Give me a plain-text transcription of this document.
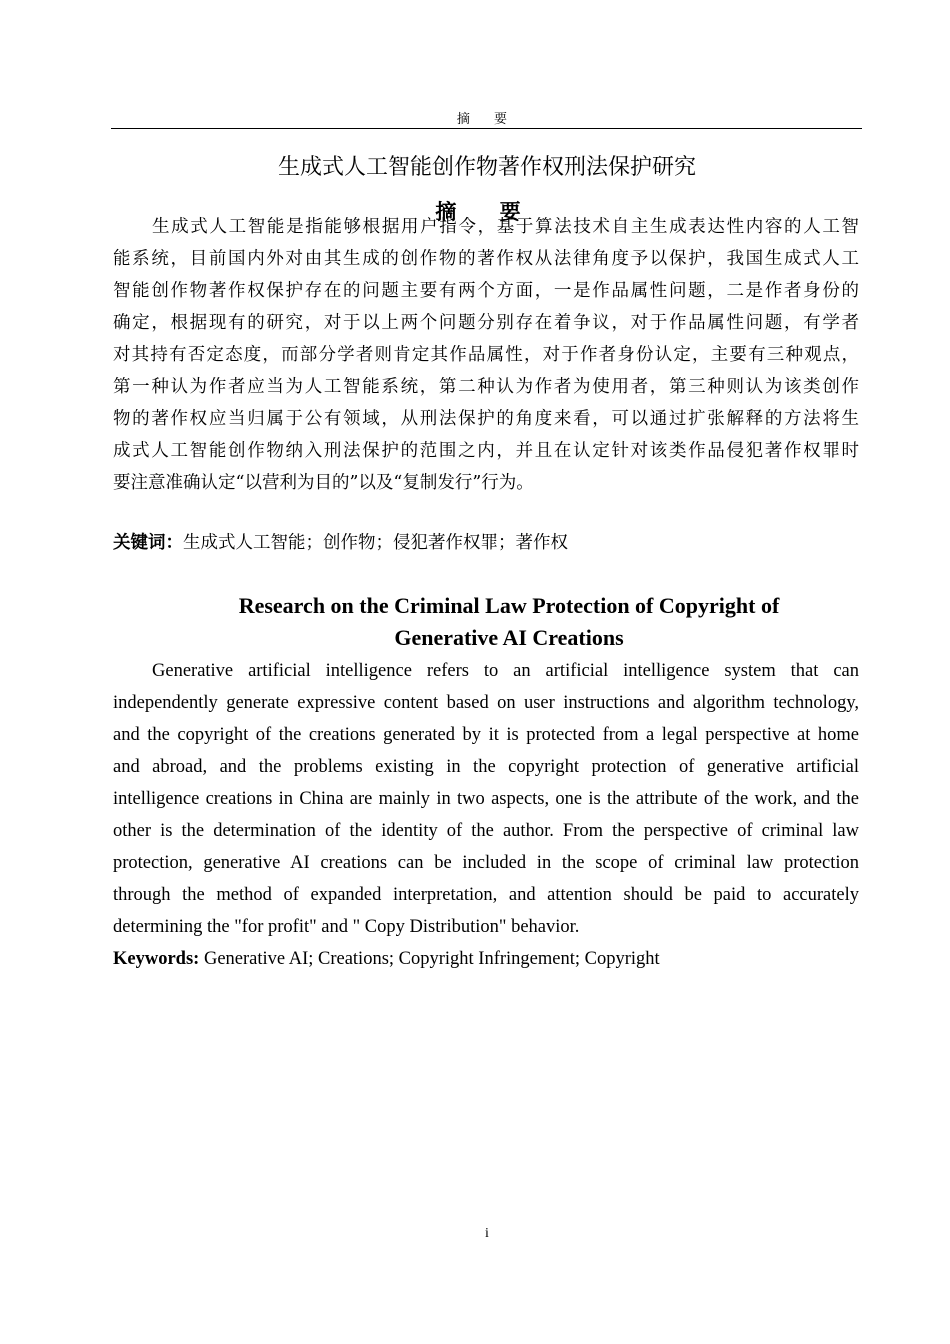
摘 要
生成式人工智能创作物著作权刑法保护研究
摘 要
生成式人工智能是指能够根据用户指令，基于算法技术自主生成表达性内容的人工智
能系统，目前国内外对由其生成的创作物的著作权从法律角度予以保护，我国生成式人工
智能创作物著作权保护存在的问题主要有两个方面，一是作品属性问题，二是作者身份的
确定，根据现有的研究，对于以上两个问题分别存在着争议，对于作品属性问题，有学者
对其持有否定态度，而部分学者则肯定其作品属性，对于作者身份认定，主要有三种观点，
第一种认为作者应当为人工智能系统，第二种认为作者为使用者，第三种则认为该类创作
物的著作权应当归属于公有领域，从刑法保护的角度来看，可以通过扩张解释的方法将生
成式人工智能创作物纳入刑法保护的范围之内，并且在认定针对该类作品侵犯著作权罪时
要注意准确认定“以营利为目的”以及“复制发行”行为。
关键词：生成式人工智能；创作物；侵犯著作权罪；著作权
Research on the Criminal Law Protection of Copyright of
Generative AI Creations
Generative artificial intelligence refers to an artificial intelligence system that can
independently generate expressive content based on user instructions and algorithm technology,
and the copyright of the creations generated by it is protected from a legal perspective at home
and abroad, and the problems existing in the copyright protection of generative artificial
intelligence creations in China are mainly in two aspects, one is the attribute of the work, and the
other is the determination of the identity of the author. From the perspective of criminal law
protection, generative AI creations can be included in the scope of criminal law protection
through the method of expanded interpretation, and attention should be paid to accurately
determining the "for profit" and " Copy Distribution" behavior.
Keywords: Generative AI; Creations; Copyright Infringement; Copyright
i
